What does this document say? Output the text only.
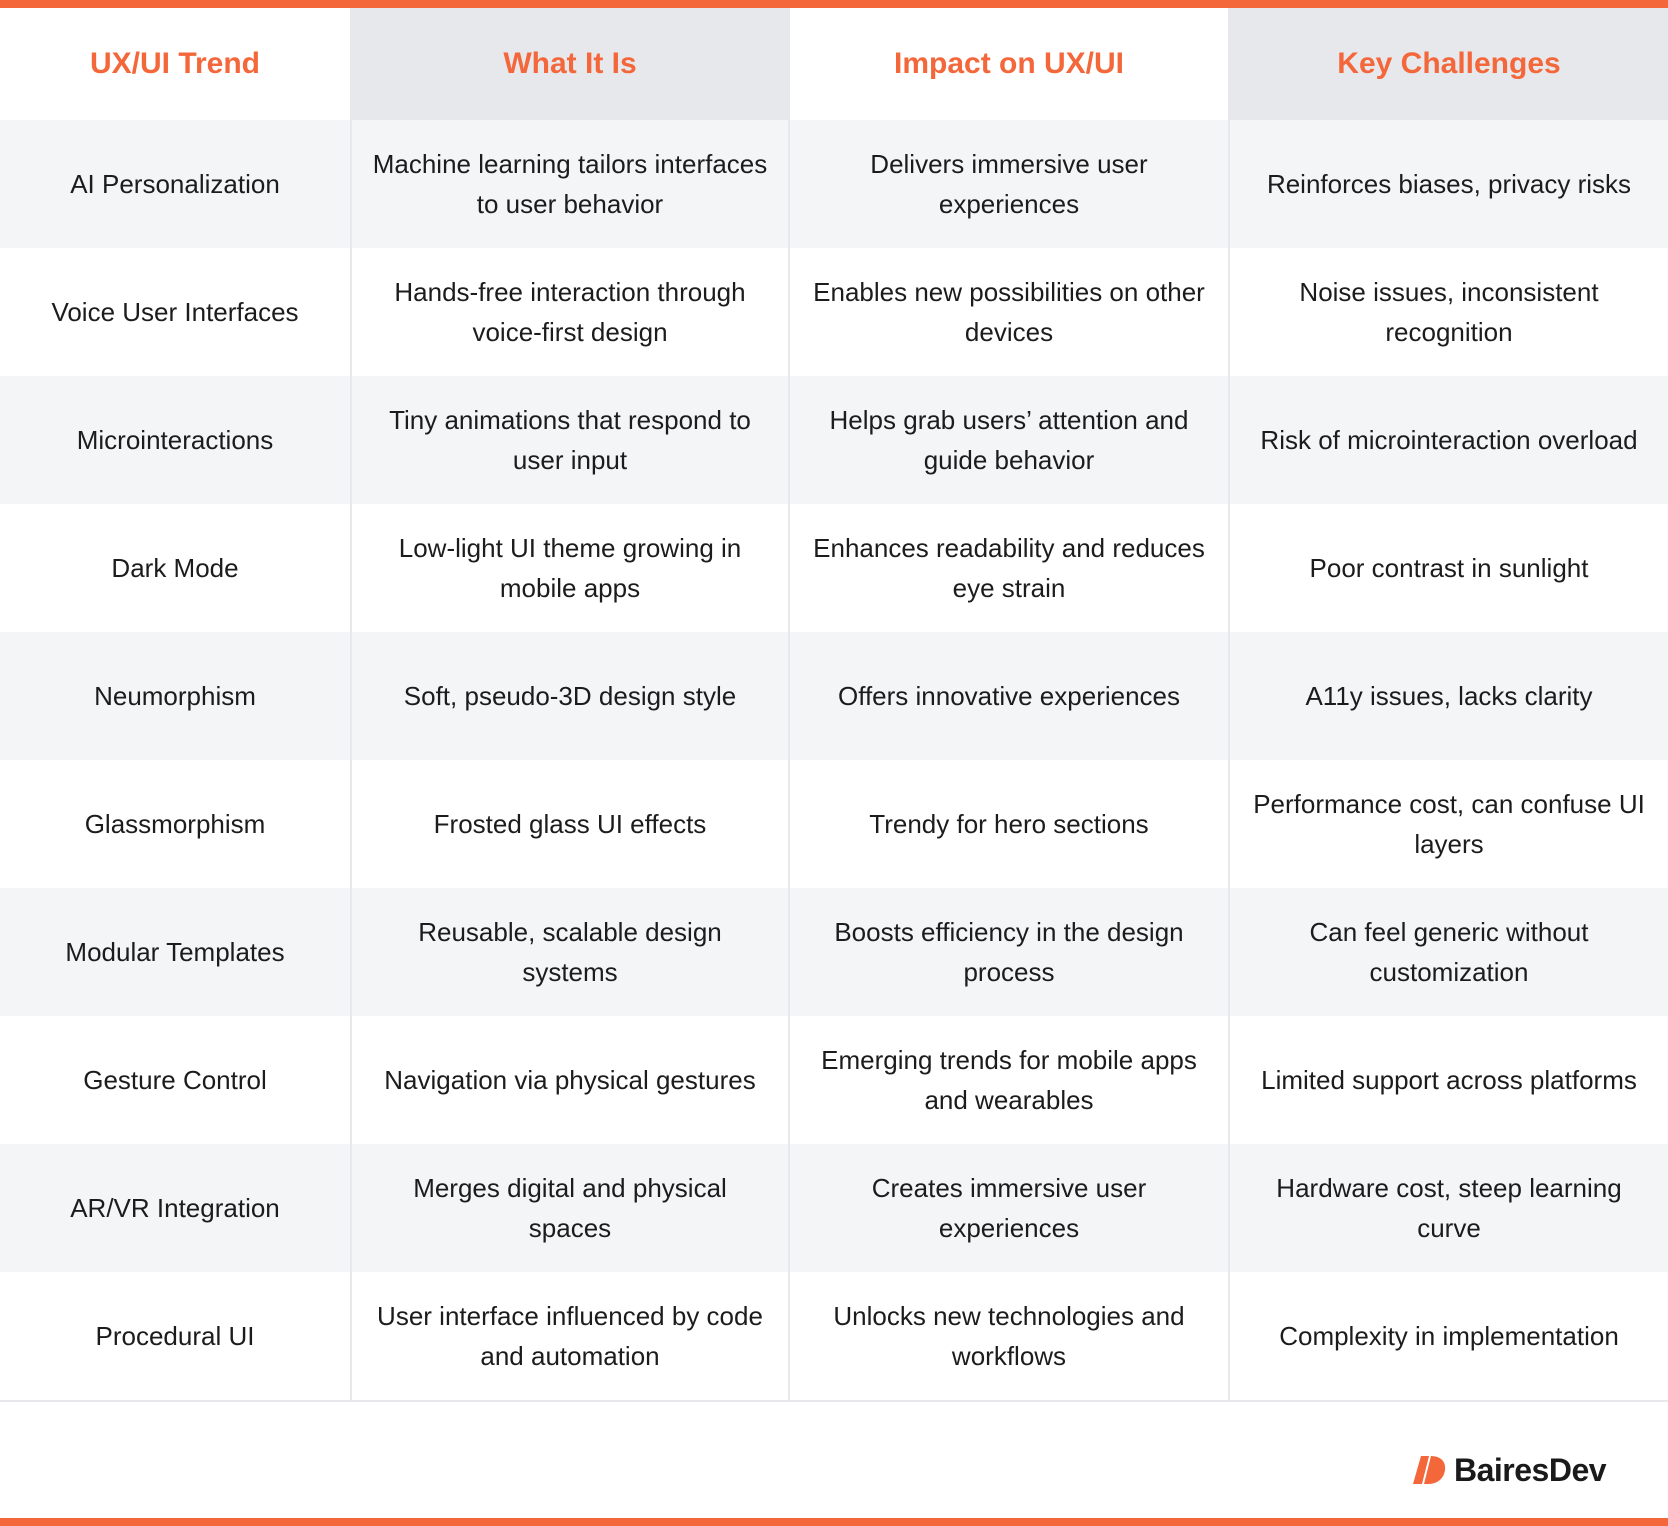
UX/UI Trend	What It Is	Impact on UX/UI	Key Challenges
AI Personalization	Machine learning tailors interfaces to user behavior	Delivers immersive user experiences	Reinforces biases, privacy risks
Voice User Interfaces	Hands-free interaction through voice-first design	Enables new possibilities on other devices	Noise issues, inconsistent recognition
Microinteractions	Tiny animations that respond to user input	Helps grab users’ attention and guide behavior	Risk of microinteraction overload
Dark Mode	Low-light UI theme growing in mobile apps	Enhances readability and reduces eye strain	Poor contrast in sunlight
Neumorphism	Soft, pseudo-3D design style	Offers innovative experiences	A11y issues, lacks clarity
Glassmorphism	Frosted glass UI effects	Trendy for hero sections	Performance cost, can confuse UI layers
Modular Templates	Reusable, scalable design systems	Boosts efficiency in the design process	Can feel generic without customization
Gesture Control	Navigation via physical gestures	Emerging trends for mobile apps and wearables	Limited support across platforms
AR/VR Integration	Merges digital and physical spaces	Creates immersive user experiences	Hardware cost, steep learning curve
Procedural UI	User interface influenced by code and automation	Unlocks new technologies and workflows	Complexity in implementation
BairesDev
